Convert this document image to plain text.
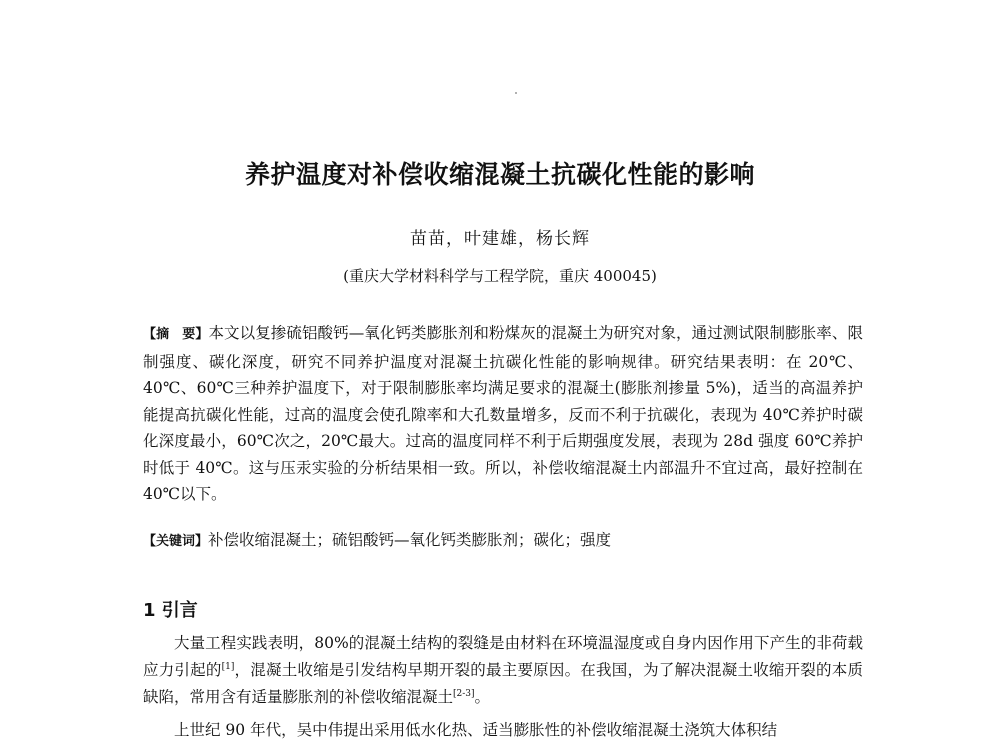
养护温度对补偿收缩混凝土抗碳化性能的影响
苗苗，叶建雄，杨长辉
(重庆大学材料科学与工程学院，重庆 400045)

【摘　要】本文以复掺硫铝酸钙—氧化钙类膨胀剂和粉煤灰的混凝土为研究对象，通过测试限制膨胀率、限制强度、碳化深度，研究不同养护温度对混凝土抗碳化性能的影响规律。研究结果表明：在 20℃、40℃、60℃三种养护温度下，对于限制膨胀率均满足要求的混凝土(膨胀剂掺量 5%)，适当的高温养护能提高抗碳化性能，过高的温度会使孔隙率和大孔数量增多，反而不利于抗碳化，表现为 40℃养护时碳化深度最小，60℃次之，20℃最大。过高的温度同样不利于后期强度发展，表现为 28d 强度 60℃养护时低于 40℃。这与压汞实验的分析结果相一致。所以，补偿收缩混凝土内部温升不宜过高，最好控制在 40℃以下。

【关键词】补偿收缩混凝土；硫铝酸钙—氧化钙类膨胀剂；碳化；强度

1 引言

大量工程实践表明，80%的混凝土结构的裂缝是由材料在环境温湿度或自身内因作用下产生的非荷载应力引起的[1]，混凝土收缩是引发结构早期开裂的最主要原因。在我国，为了解决混凝土收缩开裂的本质缺陷，常用含有适量膨胀剂的补偿收缩混凝土[2-3]。

上世纪 90 年代，吴中伟提出采用低水化热、适当膨胀性的补偿收缩混凝土浇筑大体积结
